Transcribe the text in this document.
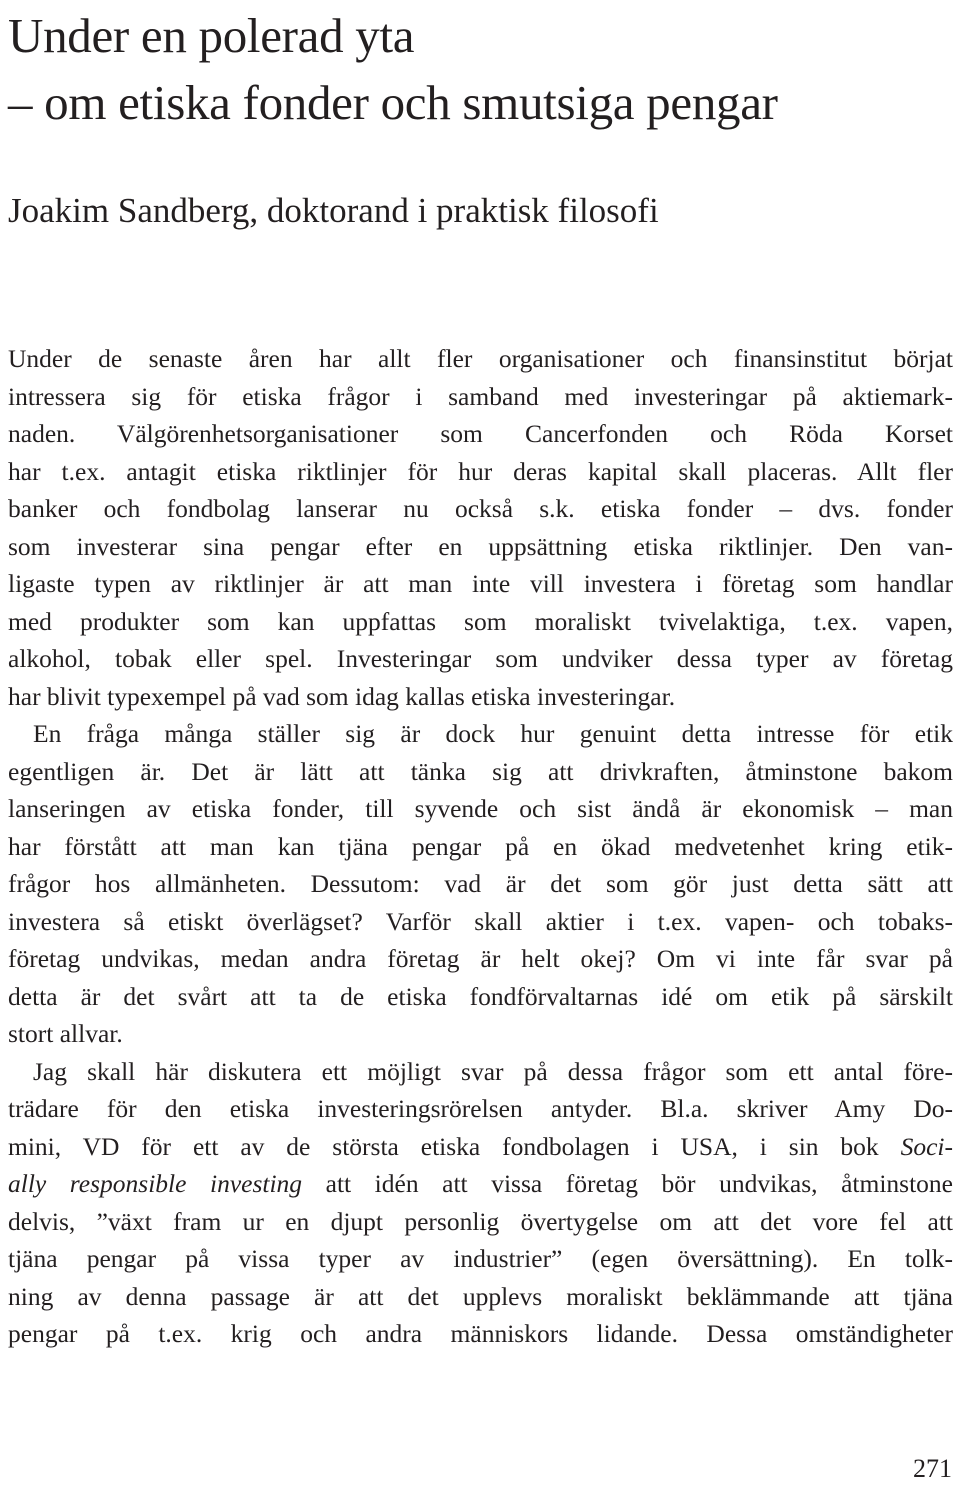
Under en polerad yta
– om etiska fonder och smutsiga pengar
Joakim Sandberg, doktorand i praktisk filosofi
Under de senaste åren har allt fler organisationer och finansinstitut börjat
intressera sig för etiska frågor i samband med investeringar på aktiemark-
naden. Välgörenhetsorganisationer som Cancerfonden och Röda Korset
har t.ex. antagit etiska riktlinjer för hur deras kapital skall placeras. Allt fler
banker och fondbolag lanserar nu också s.k. etiska fonder – dvs. fonder
som investerar sina pengar efter en uppsättning etiska riktlinjer. Den van-
ligaste typen av riktlinjer är att man inte vill investera i företag som handlar
med produkter som kan uppfattas som moraliskt tvivelaktiga, t.ex. vapen,
alkohol, tobak eller spel. Investeringar som undviker dessa typer av företag
har blivit typexempel på vad som idag kallas etiska investeringar.
En fråga många ställer sig är dock hur genuint detta intresse för etik
egentligen är. Det är lätt att tänka sig att drivkraften, åtminstone bakom
lanseringen av etiska fonder, till syvende och sist ändå är ekonomisk – man
har förstått att man kan tjäna pengar på en ökad medvetenhet kring etik-
frågor hos allmänheten. Dessutom: vad är det som gör just detta sätt att
investera så etiskt överlägset? Varför skall aktier i t.ex. vapen- och tobaks-
företag undvikas, medan andra företag är helt okej? Om vi inte får svar på
detta är det svårt att ta de etiska fondförvaltarnas idé om etik på särskilt
stort allvar.
Jag skall här diskutera ett möjligt svar på dessa frågor som ett antal före-
trädare för den etiska investeringsrörelsen antyder. Bl.a. skriver Amy Do-
mini, VD för ett av de största etiska fondbolagen i USA, i sin bok Soci-
ally responsible investing att idén att vissa företag bör undvikas, åtminstone
delvis, ”växt fram ur en djupt personlig övertygelse om att det vore fel att
tjäna pengar på vissa typer av industrier” (egen översättning). En tolk-
ning av denna passage är att det upplevs moraliskt beklämmande att tjäna
pengar på t.ex. krig och andra människors lidande. Dessa omständigheter
271
